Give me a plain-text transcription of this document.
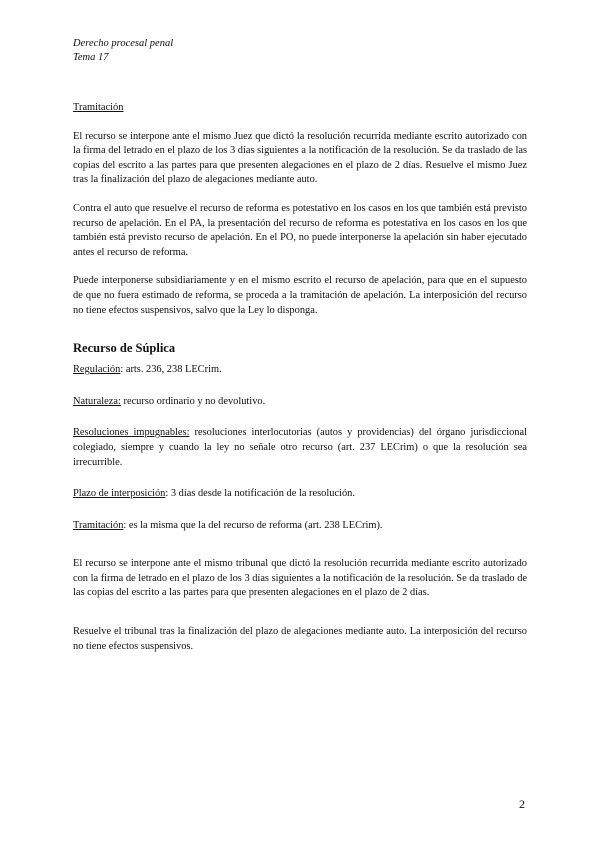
Derecho procesal penal
Tema 17

Tramitación

El recurso se interpone ante el mismo Juez que dictó la resolución recurrida mediante escrito autorizado con la firma del letrado en el plazo de los 3 días siguientes a la notificación de la resolución. Se da traslado de las copias del escrito a las partes para que presenten alegaciones en el plazo de 2 días. Resuelve el mismo Juez tras la finalización del plazo de alegaciones mediante auto.

Contra el auto que resuelve el recurso de reforma es potestativo en los casos en los que también está previsto recurso de apelación. En el PA, la presentación del recurso de reforma es potestativa en los casos en los que también está previsto recurso de apelación. En el PO, no puede interponerse la apelación sin haber ejecutado antes el recurso de reforma.

Puede interponerse subsidiariamente y en el mismo escrito el recurso de apelación, para que en el supuesto de que no fuera estimado de reforma, se proceda a la tramitación de apelación. La interposición del recurso no tiene efectos suspensivos, salvo que la Ley lo disponga.

Recurso de Súplica

Regulación: arts. 236, 238 LECrim.

Naturaleza: recurso ordinario y no devolutivo.

Resoluciones impugnables: resoluciones interlocutorias (autos y providencias) del órgano jurisdiccional colegiado, siempre y cuando la ley no señale otro recurso (art. 237 LECrim) o que la resolución sea irrecurrible.

Plazo de interposición: 3 días desde la notificación de la resolución.

Tramitación: es la misma que la del recurso de reforma (art. 238 LECrim).

El recurso se interpone ante el mismo tribunal que dictó la resolución recurrida mediante escrito autorizado con la firma de letrado en el plazo de los 3 días siguientes a la notificación de la resolución. Se da traslado de las copias del escrito a las partes para que presenten alegaciones en el plazo de 2 días.

Resuelve el tribunal tras la finalización del plazo de alegaciones mediante auto. La interposición del recurso no tiene efectos suspensivos.

2
